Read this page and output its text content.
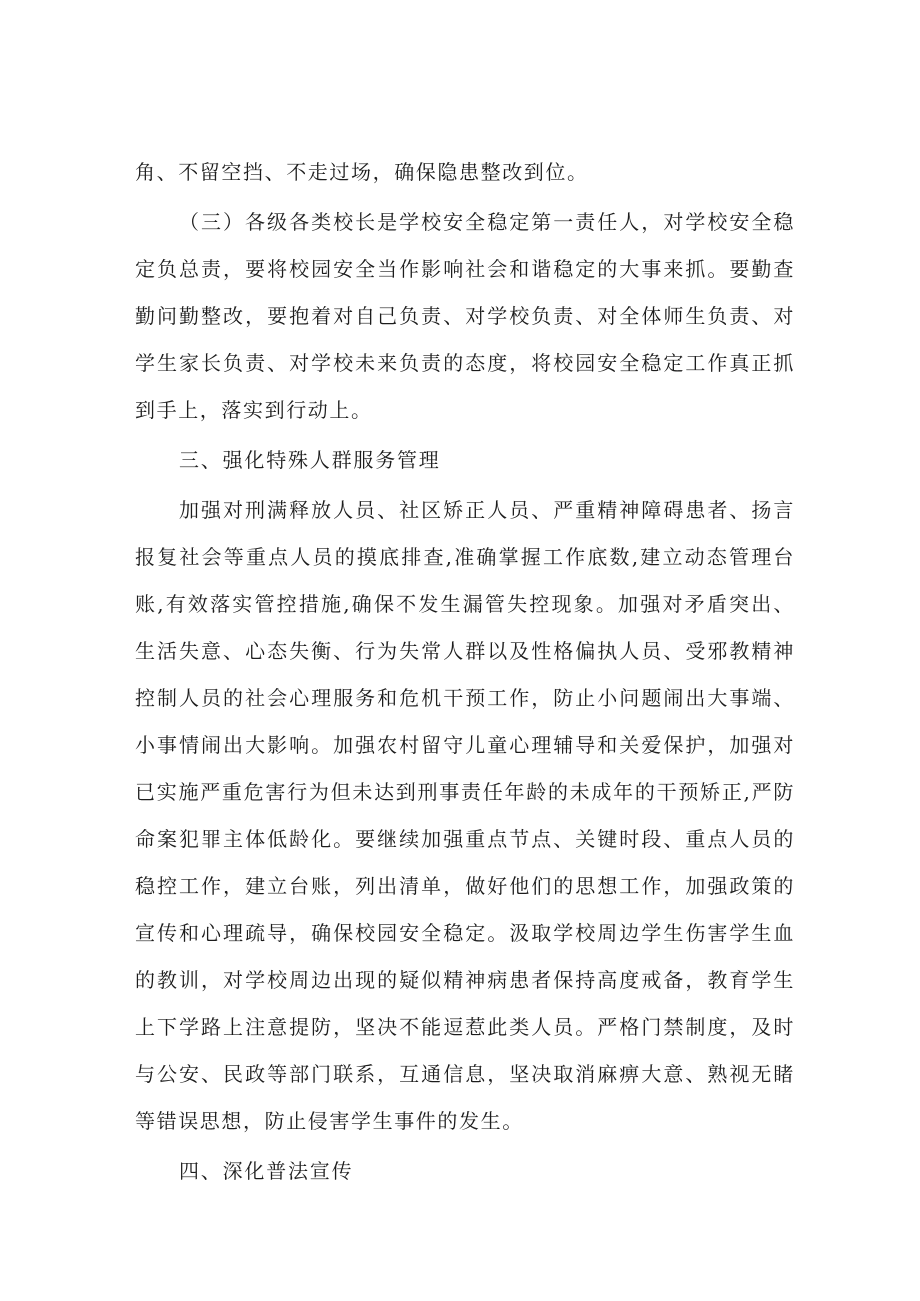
角、不留空挡、不走过场，确保隐患整改到位。

（三）各级各类校长是学校安全稳定第一责任人，对学校安全稳定负总责，要将校园安全当作影响社会和谐稳定的大事来抓。要勤查勤问勤整改，要抱着对自己负责、对学校负责、对全体师生负责、对学生家长负责、对学校未来负责的态度，将校园安全稳定工作真正抓到手上，落实到行动上。

三、强化特殊人群服务管理

加强对刑满释放人员、社区矫正人员、严重精神障碍患者、扬言报复社会等重点人员的摸底排查,准确掌握工作底数,建立动态管理台账,有效落实管控措施,确保不发生漏管失控现象。加强对矛盾突出、生活失意、心态失衡、行为失常人群以及性格偏执人员、受邪教精神控制人员的社会心理服务和危机干预工作，防止小问题闹出大事端、小事情闹出大影响。加强农村留守儿童心理辅导和关爱保护，加强对已实施严重危害行为但未达到刑事责任年龄的未成年的干预矫正,严防命案犯罪主体低龄化。要继续加强重点节点、关键时段、重点人员的稳控工作，建立台账，列出清单，做好他们的思想工作，加强政策的宣传和心理疏导，确保校园安全稳定。汲取学校周边学生伤害学生血的教训，对学校周边出现的疑似精神病患者保持高度戒备，教育学生上下学路上注意提防，坚决不能逗惹此类人员。严格门禁制度，及时与公安、民政等部门联系，互通信息，坚决取消麻痹大意、熟视无睹等错误思想，防止侵害学生事件的发生。

四、深化普法宣传
